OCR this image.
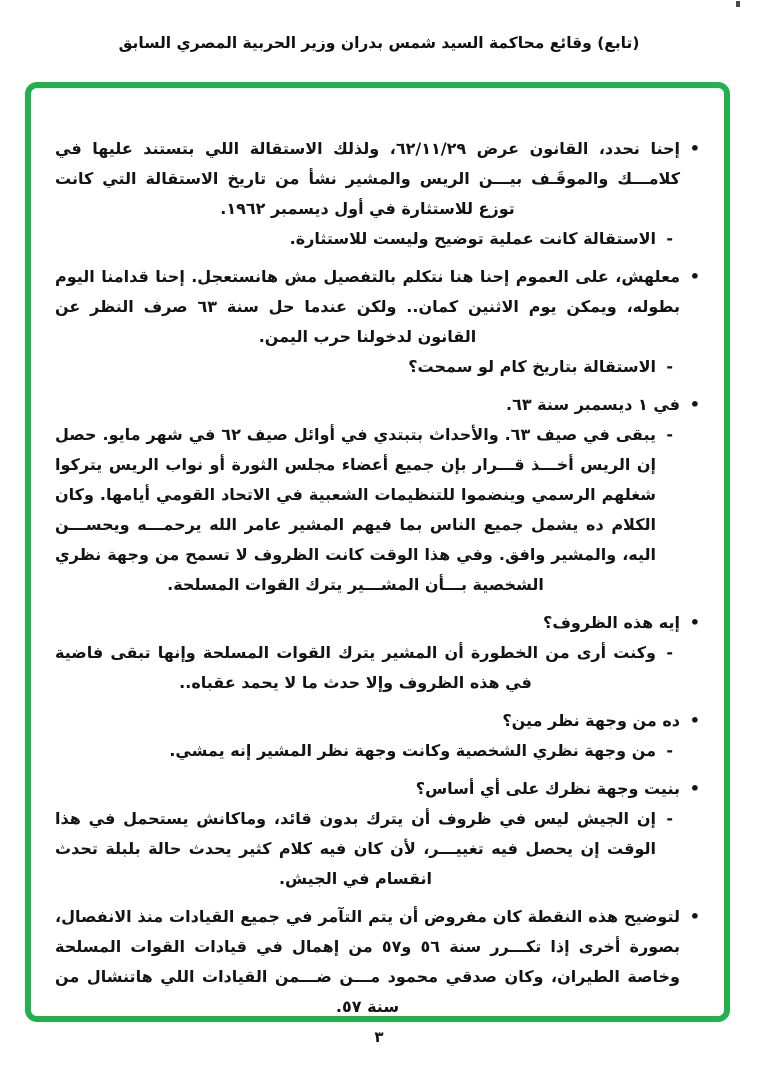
(تابع) وقائع محاكمة السيد شمس بدران وزير الحربية المصري السابق
•

إحنا نحدد، القانون عرض ٦٢/١١/٢٩، ولذلك الاستقالة اللي بتستند عليها في كلامـــك والموقَـف بيـــن الريس والمشير نشأ من تاريخ الاستقالة التي كانت توزع للاستثارة في أول ديسمبر ١٩٦٢.

-

الاستقالة كانت عملية توضيح وليست للاستثارة.

•

معلهش، على العموم إحنا هنا نتكلم بالتفصيل مش هانستعجل. إحنا قدامنا اليوم بطوله، ويمكن يوم الاثنين كمان.. ولكن عندما حل سنة ٦٣ صرف النظر عن القانون لدخولنا حرب اليمن.

-

الاستقالة بتاريخ كام لو سمحت؟

•

في ١ ديسمبر سنة ٦٣.

-

يبقى في صيف ٦٣. والأحداث بتبتدي في أوائل صيف ٦٢ في شهر مايو. حصل إن الريس أخـــذ قـــرار بإن جميع أعضاء مجلس الثورة أو نواب الريس يتركوا شغلهم الرسمي وينضموا للتنظيمات الشعبية في الاتحاد القومي أيامها. وكان الكلام ده يشمل جميع الناس بما فيهم المشير عامر الله يرحمـــه ويحســـن اليه، والمشير وافق. وفي هذا الوقت كانت الظروف لا تسمح من وجهة نظري الشخصية بـــأن المشـــير يترك القوات المسلحة.

•

إيه هذه الظروف؟

-

وكنت أرى من الخطورة أن المشير يترك القوات المسلحة وإنها تبقى فاضية في هذه الظروف وإلا حدث ما لا يحمد عقباه..

•

ده من وجهة نظر مين؟

-

من وجهة نظري الشخصية وكانت وجهة نظر المشير إنه يمشي.

•

بنيت وجهة نظرك على أي أساس؟

-

إن الجيش ليس في ظروف أن يترك بدون قائد، وماكانش يستحمل في هذا الوقت إن يحصل فيه تغييـــر، لأن كان فيه كلام كثير يحدث حالة بلبلة تحدث انقسام في الجيش.

•

لتوضيح هذه النقطة كان مفروض أن يتم التآمر في جميع القيادات منذ الانفصال، بصورة أخرى إذا تكـــرر سنة ٥٦ و٥٧ من إهمال في قيادات القوات المسلحة وخاصة الطيران، وكان صدقي محمود مـــن ضـــمن القيادات اللي هاتنشال من سنة ٥٧.

٣
